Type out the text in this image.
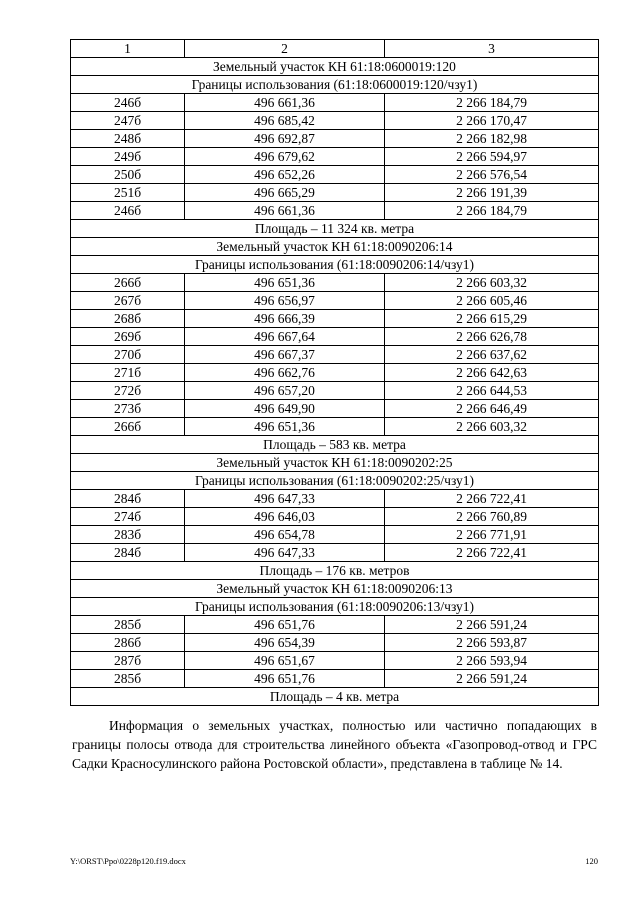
1	2	3
Земельный участок КН 61:18:0600019:120		
Границы использования (61:18:0600019:120/чзу1)		
246б	496 661,36	2 266 184,79
247б	496 685,42	2 266 170,47
248б	496 692,87	2 266 182,98
249б	496 679,62	2 266 594,97
250б	496 652,26	2 266 576,54
251б	496 665,29	2 266 191,39
246б	496 661,36	2 266 184,79
Площадь – 11 324 кв. метра		
Земельный участок КН 61:18:0090206:14		
Границы использования (61:18:0090206:14/чзу1)		
266б	496 651,36	2 266 603,32
267б	496 656,97	2 266 605,46
268б	496 666,39	2 266 615,29
269б	496 667,64	2 266 626,78
270б	496 667,37	2 266 637,62
271б	496 662,76	2 266 642,63
272б	496 657,20	2 266 644,53
273б	496 649,90	2 266 646,49
266б	496 651,36	2 266 603,32
Площадь – 583 кв. метра		
Земельный участок КН 61:18:0090202:25		
Границы использования (61:18:0090202:25/чзу1)		
284б	496 647,33	2 266 722,41
274б	496 646,03	2 266 760,89
283б	496 654,78	2 266 771,91
284б	496 647,33	2 266 722,41
Площадь – 176 кв. метров		
Земельный участок КН 61:18:0090206:13		
Границы использования (61:18:0090206:13/чзу1)		
285б	496 651,76	2 266 591,24
286б	496 654,39	2 266 593,87
287б	496 651,67	2 266 593,94
285б	496 651,76	2 266 591,24
Площадь – 4 кв. метра		

Информация о земельных участках, полностью или частично попадающих в границы полосы отвода для строительства линейного объекта «Газопровод-отвод и ГРС Садки Красносулинского района Ростовской области», представлена в таблице № 14.

Y:\ORST\Ppo\0228p120.f19.docx	120
